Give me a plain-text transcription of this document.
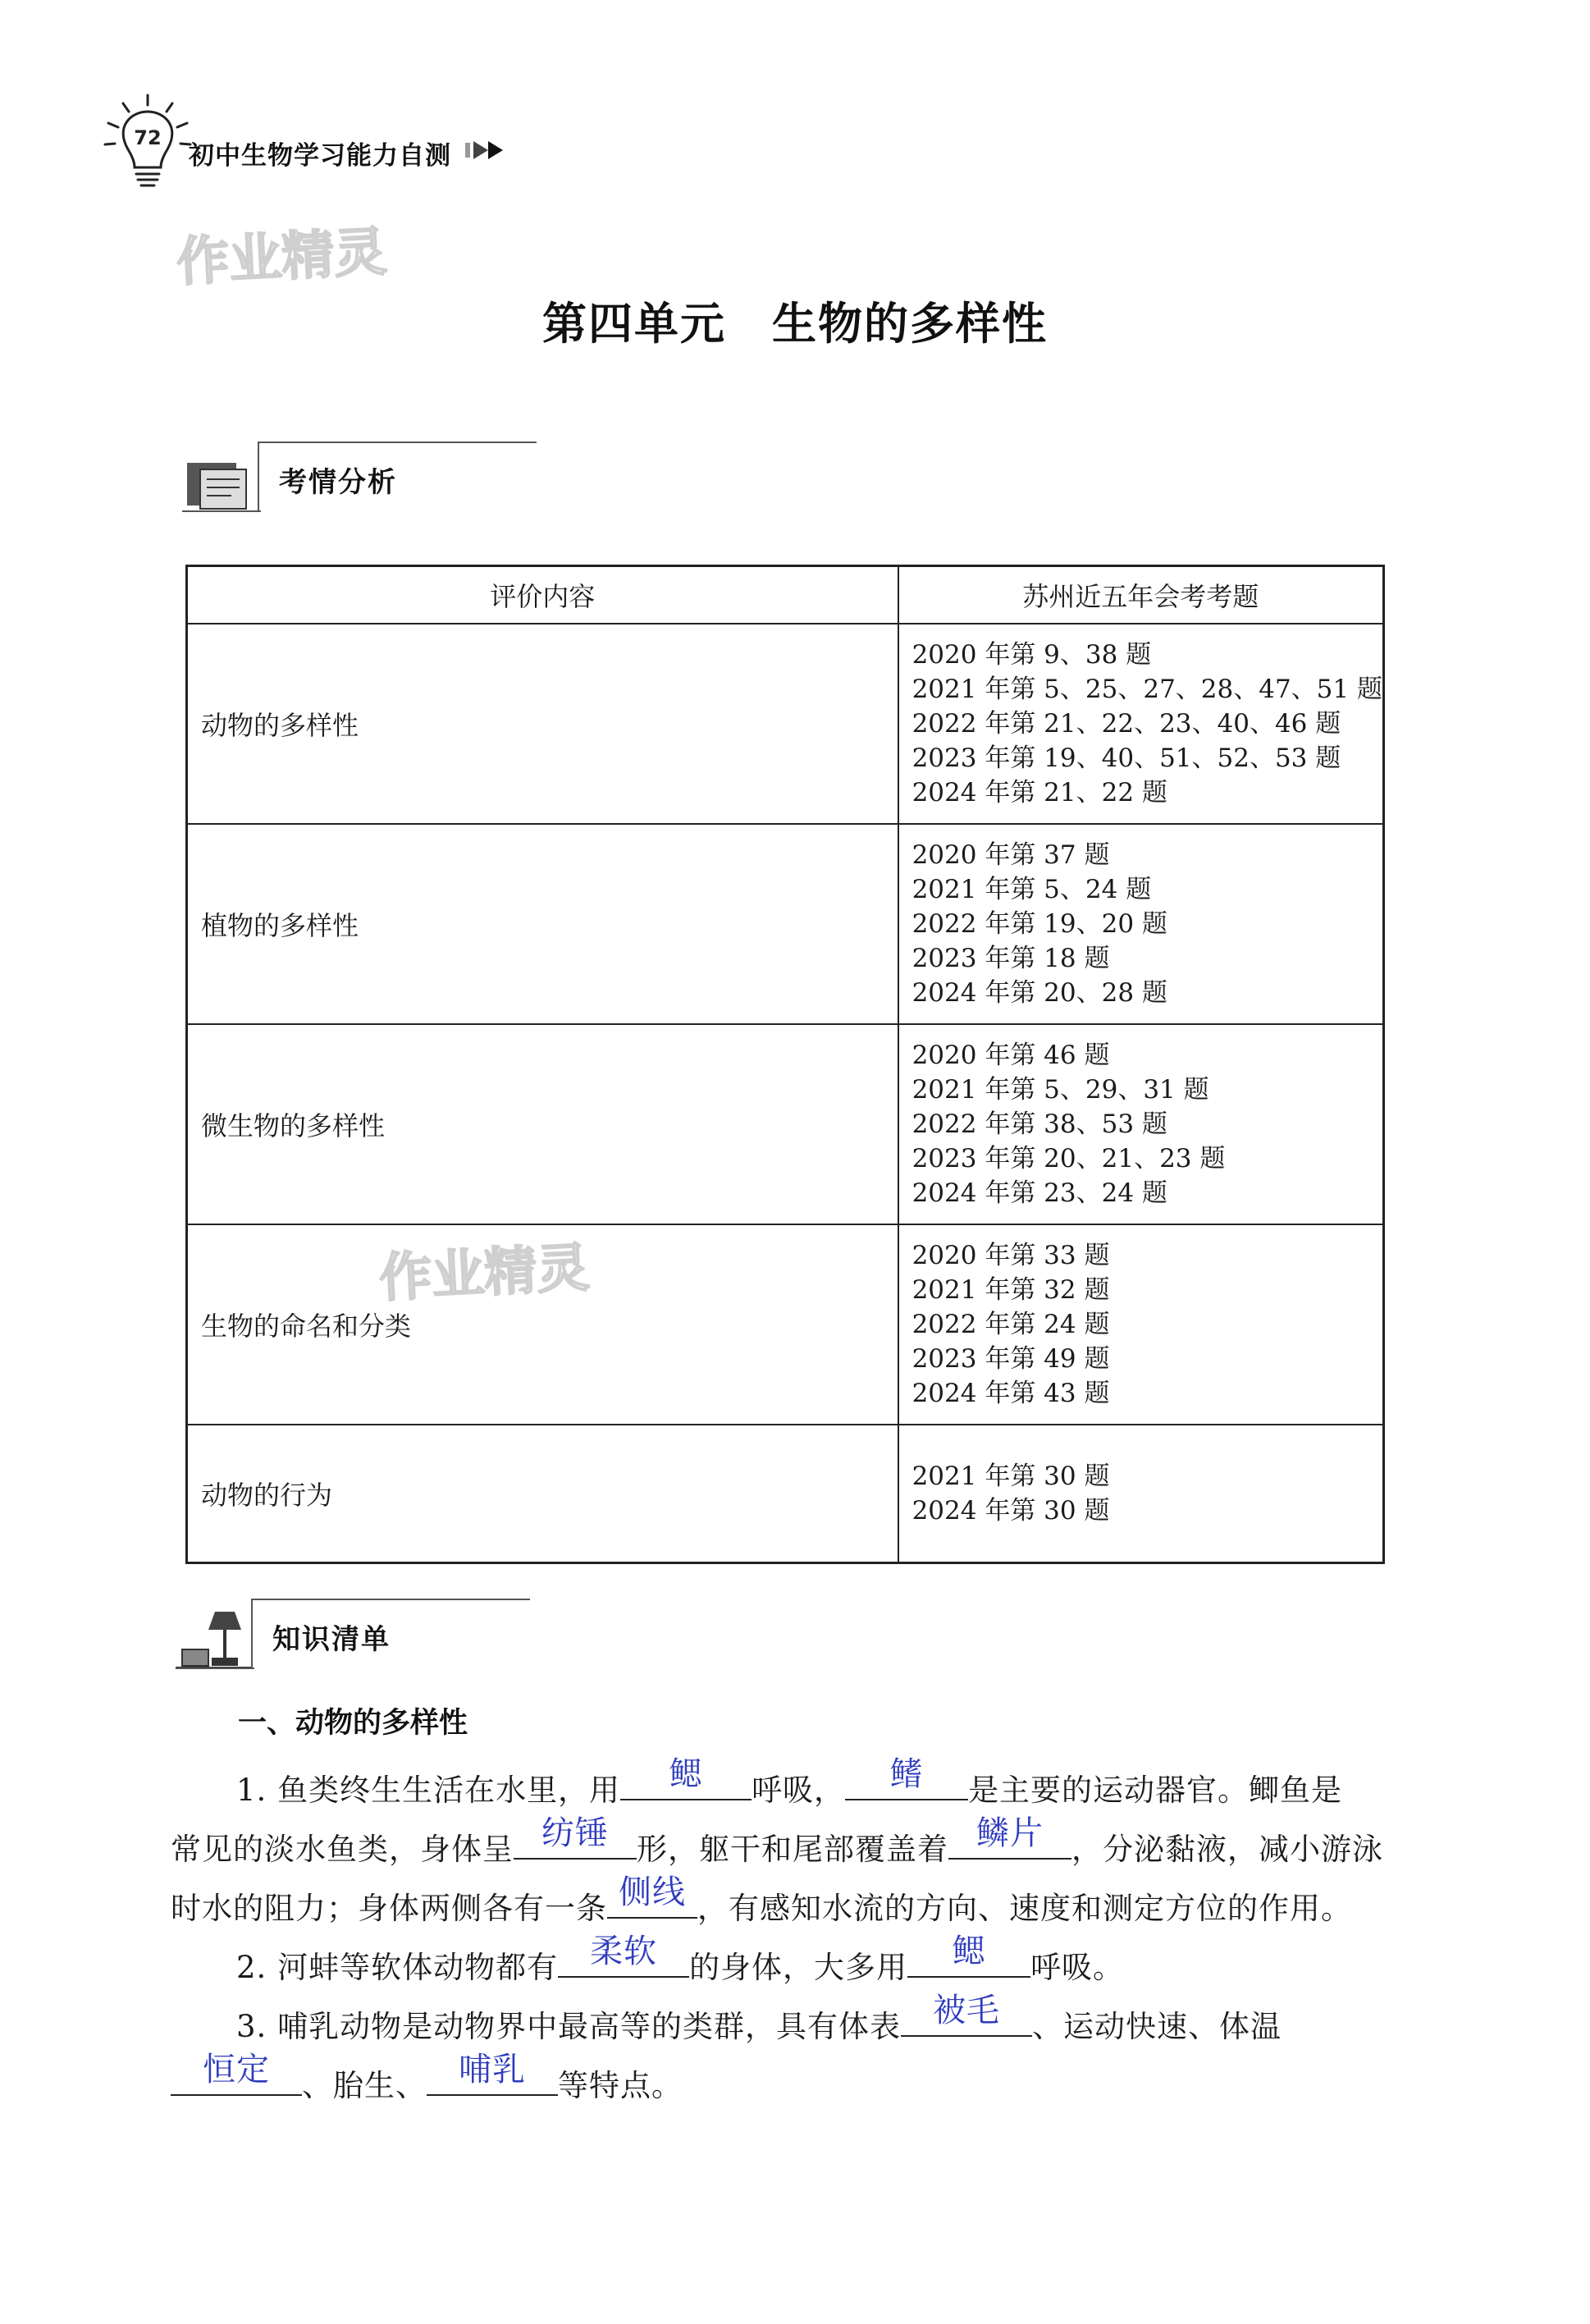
72
初中生物学习能力自测
作业精灵
作业精灵
第四单元　生物的多样性
考情分析
评价内容	苏州近五年会考考题
动物的多样性	2020 年第 9、38 题
2021 年第 5、25、27、28、47、51 题
2022 年第 21、22、23、40、46 题
2023 年第 19、40、51、52、53 题
2024 年第 21、22 题

植物的多样性	2020 年第 37 题
2021 年第 5、24 题
2022 年第 19、20 题
2023 年第 18 题
2024 年第 20、28 题

微生物的多样性	2020 年第 46 题
2021 年第 5、29、31 题
2022 年第 38、53 题
2023 年第 20、21、23 题
2024 年第 23、24 题

生物的命名和分类	2020 年第 33 题
2021 年第 32 题
2022 年第 24 题
2023 年第 49 题
2024 年第 43 题

动物的行为	2021 年第 30 题
2024 年第 30 题
知识清单
一、动物的多样性
1. 鱼类终生生活在水里，用	鳃	呼吸，	鳍	是主要的运动器官。鲫鱼是
常见的淡水鱼类，身体呈 纺锤 形，躯干和尾部覆盖着 鳞片 ，分泌黏液，减小游泳
时水的阻力；身体两侧各有一条 侧线 ，有感知水流的方向、速度和测定方位的作用。
2. 河蚌等软体动物都有 柔软	的身体，大多用	鳃	呼吸。
3. 哺乳动物是动物界中最高等的类群，具有体表 被毛	、运动快速、体温
恒定	、胎生、 哺乳	等特点。
